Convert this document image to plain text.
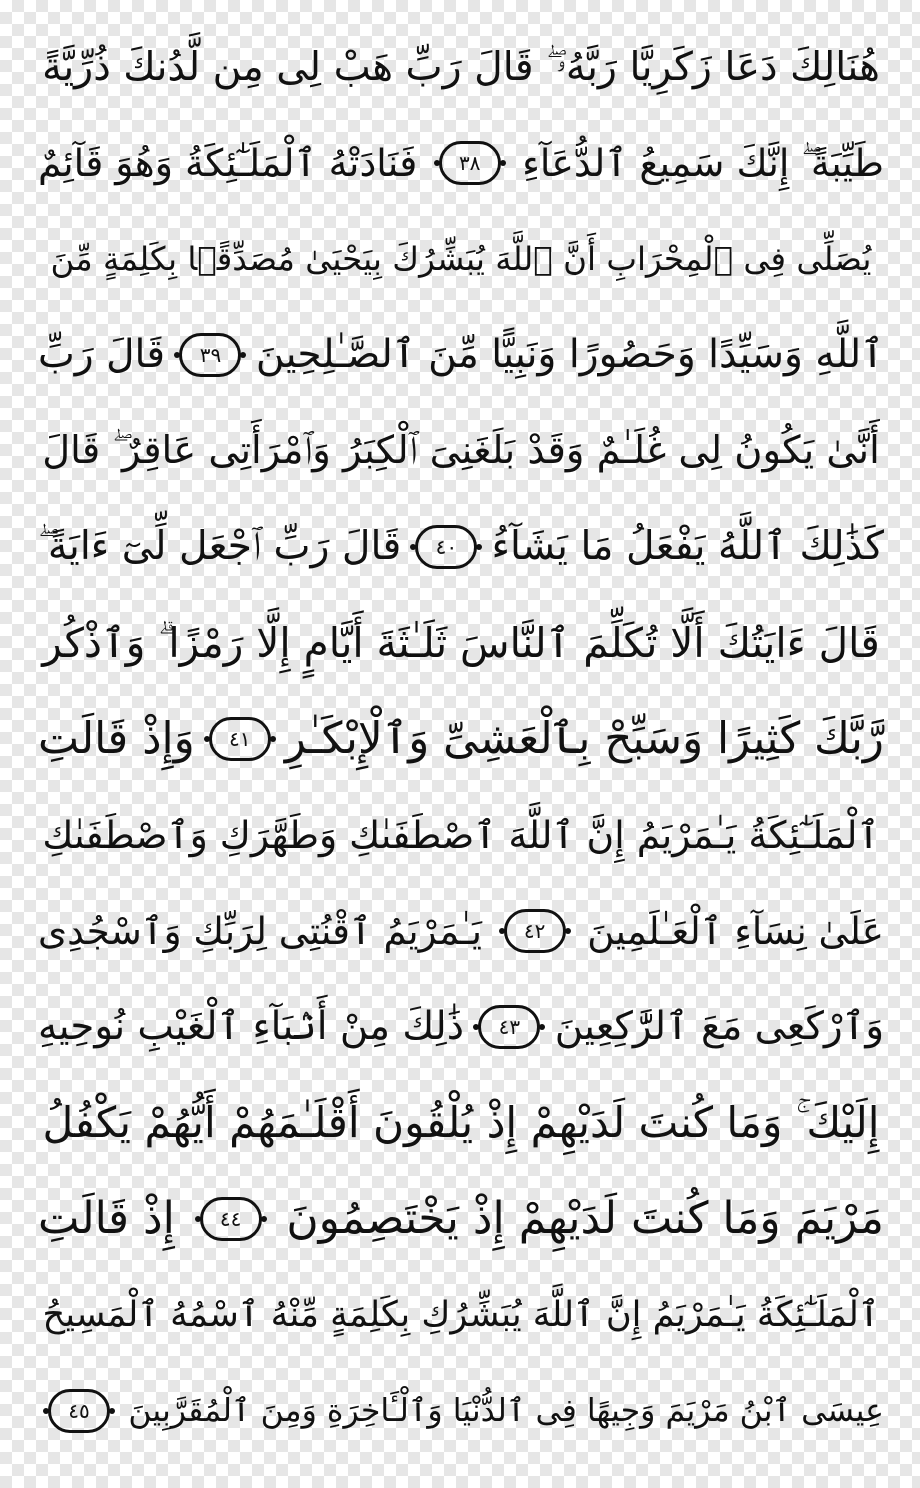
هُنَالِكَ دَعَا زَكَرِيَّا رَبَّهُۥ ۖ قَالَ رَبِّ هَبْ لِى مِن لَّدُنكَ ذُرِّيَّةً
طَيِّبَةً ۖ إِنَّكَ سَمِيعُ ٱلدُّعَآءِ
٣٨
فَنَادَتْهُ ٱلْمَلَـٰٓئِكَةُ وَهُوَ قَآئِمٌ
يُصَلِّى فِى ٱلْمِحْرَابِ أَنَّ ٱللَّهَ يُبَشِّرُكَ بِيَحْيَىٰ مُصَدِّقًۢا بِكَلِمَةٍ مِّنَ
ٱللَّهِ وَسَيِّدًا وَحَصُورًا وَنَبِيًّا مِّنَ ٱلصَّـٰلِحِينَ
٣٩
قَالَ رَبِّ
أَنَّىٰ يَكُونُ لِى غُلَـٰمٌ وَقَدْ بَلَغَنِىَ ٱلْكِبَرُ وَٱمْرَأَتِى عَاقِرٌ ۖ قَالَ
كَذَٰلِكَ ٱللَّهُ يَفْعَلُ مَا يَشَآءُ
٤٠
قَالَ رَبِّ ٱجْعَل لِّىٓ ءَايَةً ۖ
قَالَ ءَايَتُكَ أَلَّا تُكَلِّمَ ٱلنَّاسَ ثَلَـٰثَةَ أَيَّامٍ إِلَّا رَمْزًا ۗ وَٱذْكُر
رَّبَّكَ كَثِيرًا وَسَبِّحْ بِٱلْعَشِىِّ وَٱلْإِبْكَـٰرِ
٤١
وَإِذْ قَالَتِ
ٱلْمَلَـٰٓئِكَةُ يَـٰمَرْيَمُ إِنَّ ٱللَّهَ ٱصْطَفَىٰكِ وَطَهَّرَكِ وَٱصْطَفَىٰكِ
عَلَىٰ نِسَآءِ ٱلْعَـٰلَمِينَ
٤٢
يَـٰمَرْيَمُ ٱقْنُتِى لِرَبِّكِ وَٱسْجُدِى
وَٱرْكَعِى مَعَ ٱلرَّٰكِعِينَ
٤٣
ذَٰلِكَ مِنْ أَنۢبَآءِ ٱلْغَيْبِ نُوحِيهِ
إِلَيْكَ ۚ وَمَا كُنتَ لَدَيْهِمْ إِذْ يُلْقُونَ أَقْلَـٰمَهُمْ أَيُّهُمْ يَكْفُلُ
مَرْيَمَ وَمَا كُنتَ لَدَيْهِمْ إِذْ يَخْتَصِمُونَ
٤٤
إِذْ قَالَتِ
ٱلْمَلَـٰٓئِكَةُ يَـٰمَرْيَمُ إِنَّ ٱللَّهَ يُبَشِّرُكِ بِكَلِمَةٍ مِّنْهُ ٱسْمُهُ ٱلْمَسِيحُ
عِيسَى ٱبْنُ مَرْيَمَ وَجِيهًا فِى ٱلدُّنْيَا وَٱلْـَٔاخِرَةِ وَمِنَ ٱلْمُقَرَّبِينَ
٤٥
